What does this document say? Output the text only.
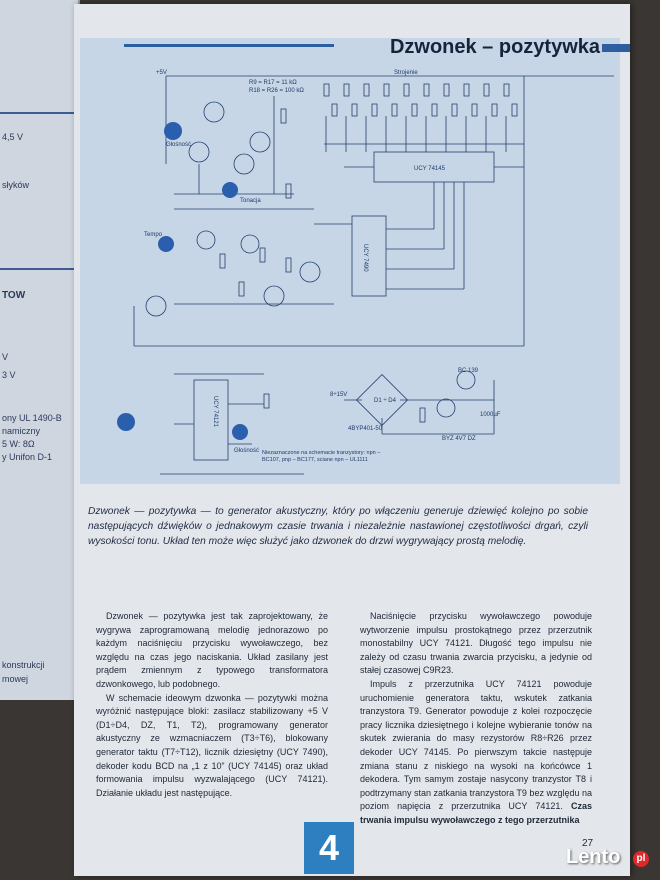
4,5 V
słyków
TOW
V
3 V
ony UL 1490-B
namiczny
5 W: 8Ω
y Unifon D-1
konstrukcji
mowej
Dzwonek – pozytywka
Głośność
Tonacja
Tempo
Głośność
Strojenie
UCY 74145
UCY 7490
UCY 74121
+5V
R9 = R17 = 11 kΩ
R18 = R26 = 100 kΩ
D1 ÷ D4
4BYP401-50
BYZ 4V7 DZ
BC 139
8÷15V
1000µF
Niezaznaczone na schemacie tranzystory: npn – BC107, pnp – BC177, sciane npn – UL1111
Dzwonek — pozytywka — to generator akustyczny, który po włączeniu generuje dziewięć kolejno po sobie następujących dźwięków o jednakowym czasie trwania i niezależnie nastawionej częstotliwości drgań, czyli wysokości tonu. Układ ten może więc służyć jako dzwonek do drzwi wygrywający prostą melodię.

Dzwonek — pozytywka jest tak zaprojektowany, że wygrywa zaprogramowaną melodię jednorazowo po każdym naciśnięciu przycisku wywoławczego, bez względu na czas jego naciskania. Układ zasilany jest prądem zmiennym z typowego transformatora dzwonkowego, lub podobnego.

W schemacie ideowym dzwonka — pozytywki można wyróżnić następujące bloki: zasilacz stabilizowany +5 V (D1÷D4, DZ, T1, T2), programowany generator akustyczny ze wzmacniaczem (T3÷T6), blokowany generator taktu (T7÷T12), licznik dziesiętny (UCY 7490), dekoder kodu BCD na „1 z 10” (UCY 74145) oraz układ formowania impulsu wyzwalającego (UCY 74121). Działanie układu jest następujące.

Naciśnięcie przycisku wywoławczego powoduje wytworzenie impulsu prostokątnego przez przerzutnik monostabilny UCY 74121. Długość tego impulsu nie zależy od czasu trwania zwarcia przycisku, a jedynie od stałej czasowej C9R23.

Impuls z przerzutnika UCY 74121 powoduje uruchomienie generatora taktu, wskutek zatkania tranzystora T9. Generator powoduje z kolei rozpoczęcie pracy licznika dziesiętnego i kolejne wybieranie tonów na skutek zwierania do masy rezystorów R8÷R26 przez dekoder UCY 74145. Po pierwszym takcie następuje zmiana stanu z niskiego na wysoki na końcówce 1 dekodera. Tym samym zostaje nasycony tranzystor T8 i podtrzymany stan zatkania tranzystora T9 bez względu na poziom napięcia z przerzutnika UCY 74121. Czas trwania impulsu wywoławczego z tego przerzutnika

4	27
Lento	pl
